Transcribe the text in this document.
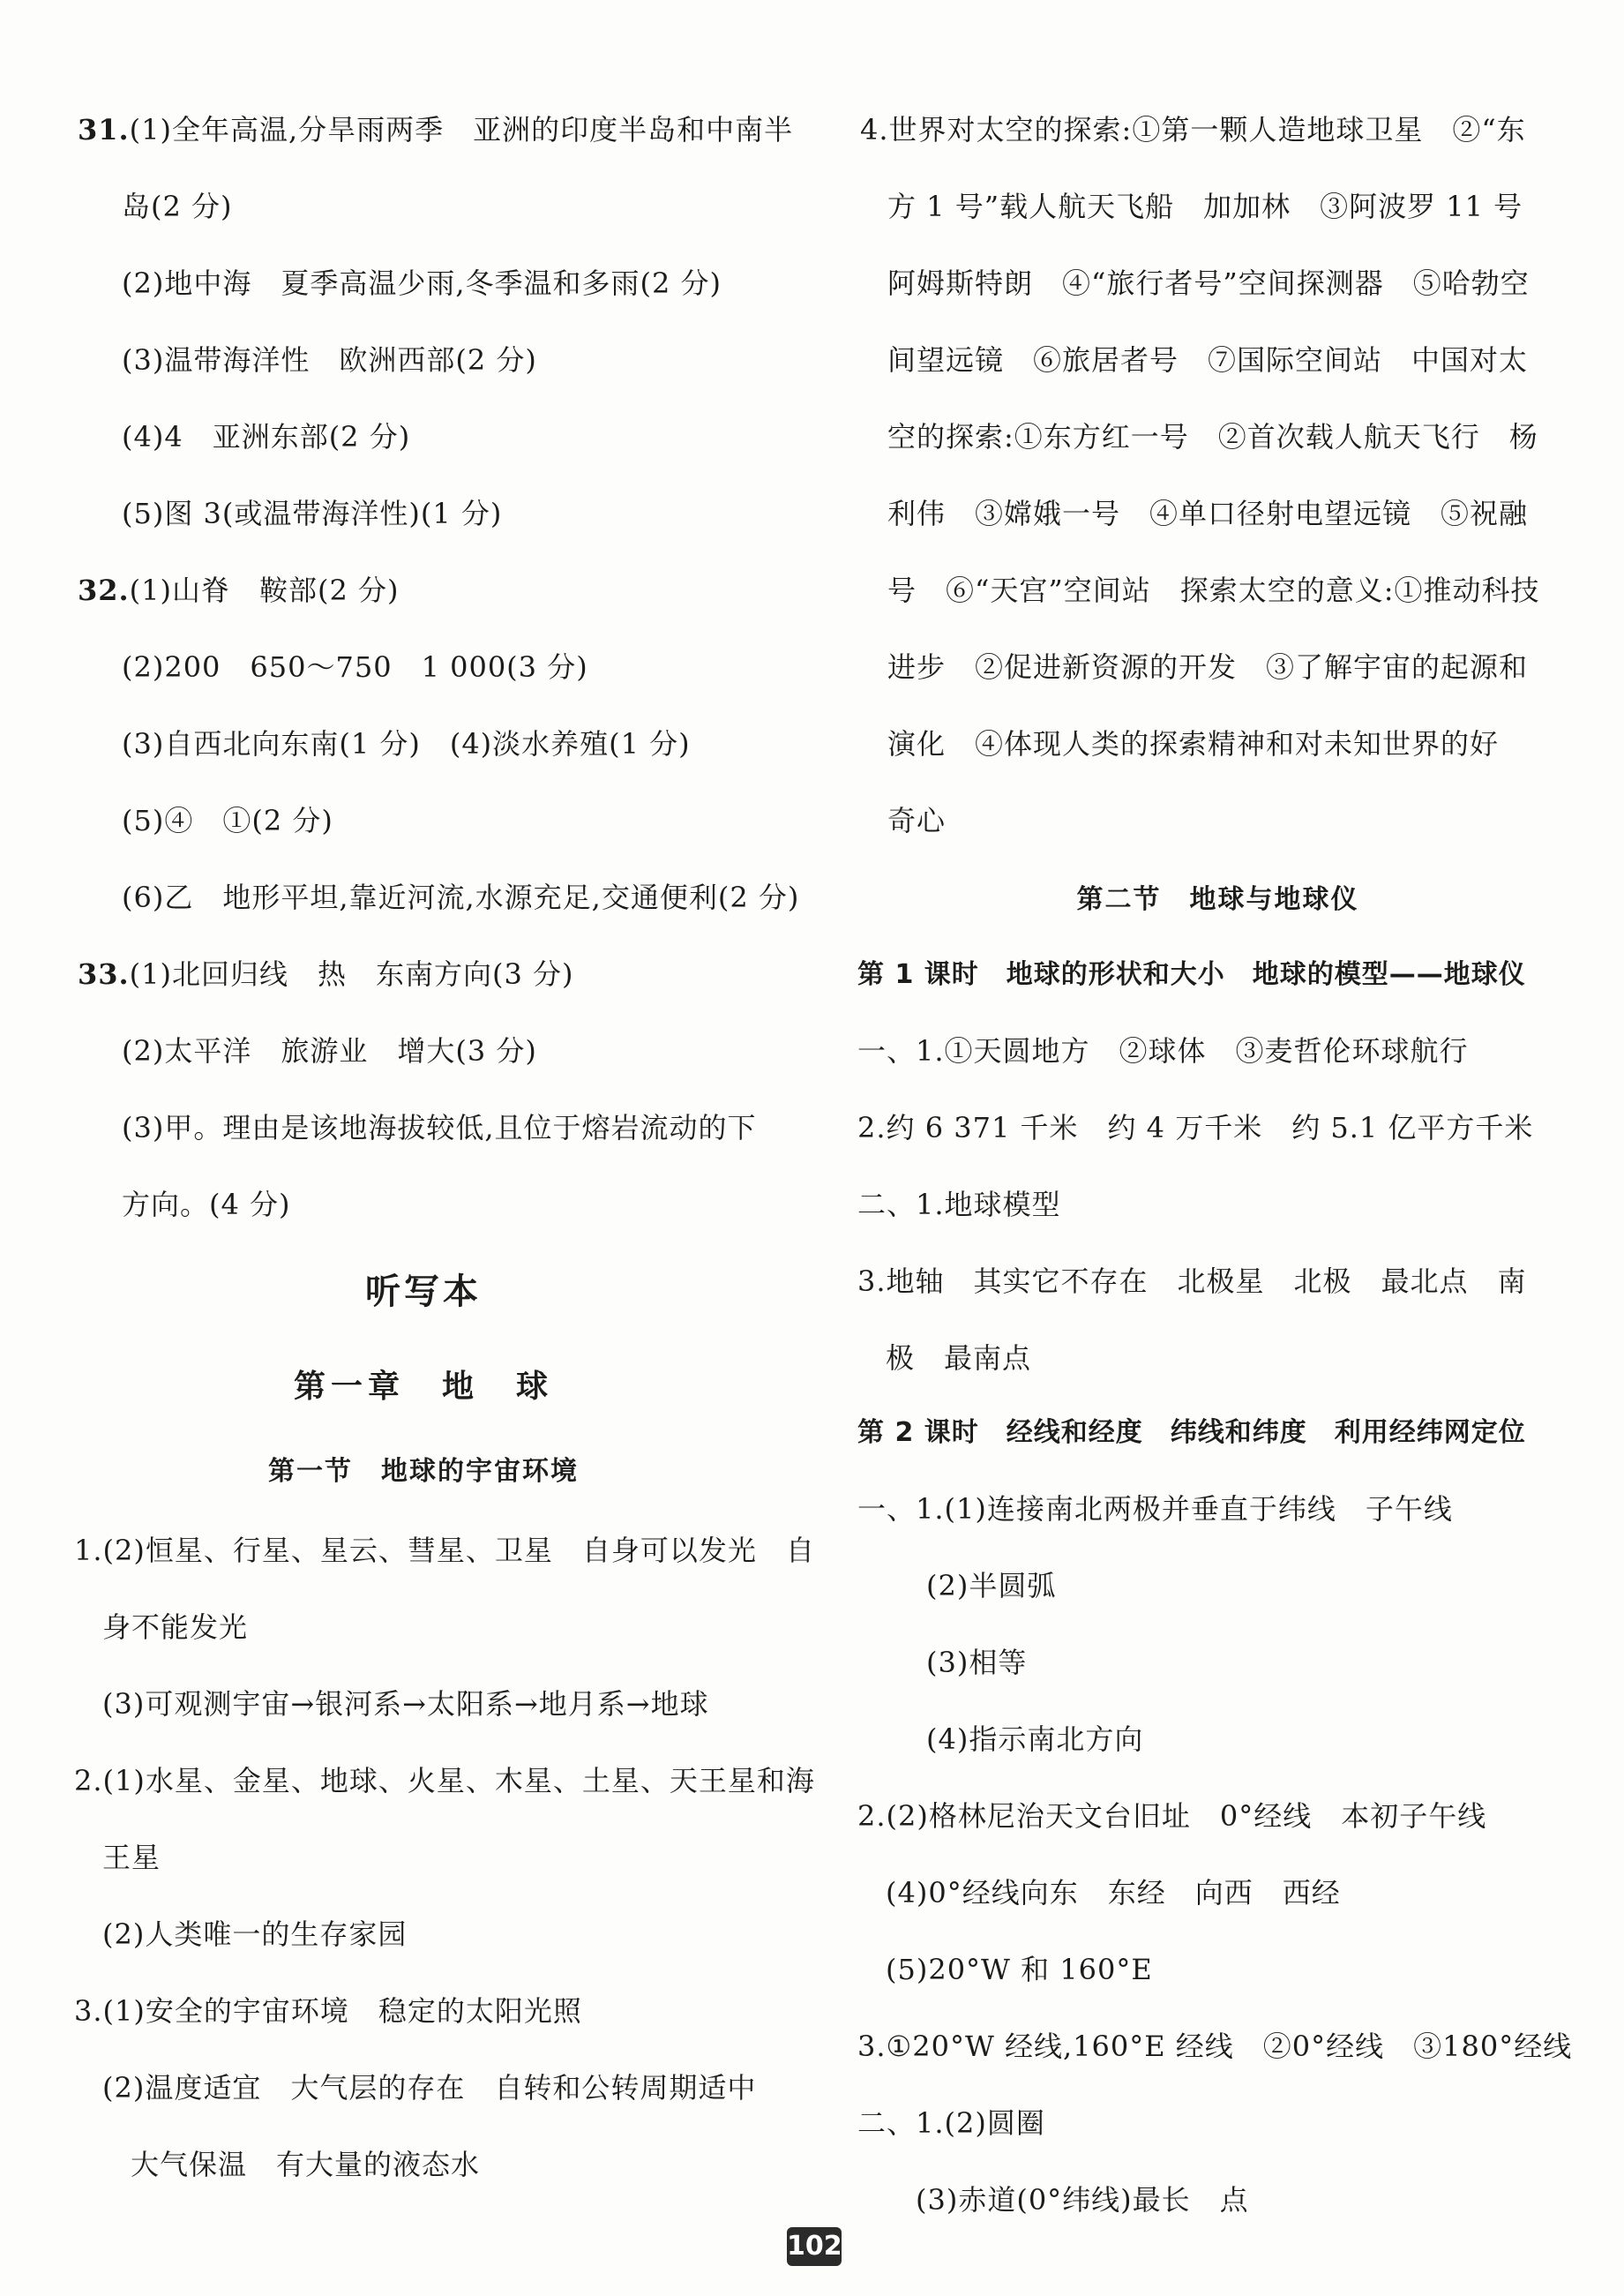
31.(1)全年高温,分旱雨两季　亚洲的印度半岛和中南半
岛(2 分)
(2)地中海　夏季高温少雨,冬季温和多雨(2 分)
(3)温带海洋性　欧洲西部(2 分)
(4)4　亚洲东部(2 分)
(5)图 3(或温带海洋性)(1 分)
32.(1)山脊　鞍部(2 分)
(2)200　650～750　1 000(3 分)
(3)自西北向东南(1 分)　(4)淡水养殖(1 分)
(5)④　①(2 分)
(6)乙　地形平坦,靠近河流,水源充足,交通便利(2 分)
33.(1)北回归线　热　东南方向(3 分)
(2)太平洋　旅游业　增大(3 分)
(3)甲。理由是该地海拔较低,且位于熔岩流动的下
方向。(4 分)
听写本
第一章　地　球
第一节　地球的宇宙环境
1.(2)恒星、行星、星云、彗星、卫星　自身可以发光　自
身不能发光
(3)可观测宇宙→银河系→太阳系→地月系→地球
2.(1)水星、金星、地球、火星、木星、土星、天王星和海
王星
(2)人类唯一的生存家园
3.(1)安全的宇宙环境　稳定的太阳光照
(2)温度适宜　大气层的存在　自转和公转周期适中
大气保温　有大量的液态水
4.世界对太空的探索:①第一颗人造地球卫星　②“东
方 1 号”载人航天飞船　加加林　③阿波罗 11 号
阿姆斯特朗　④“旅行者号”空间探测器　⑤哈勃空
间望远镜　⑥旅居者号　⑦国际空间站　中国对太
空的探索:①东方红一号　②首次载人航天飞行　杨
利伟　③嫦娥一号　④单口径射电望远镜　⑤祝融
号　⑥“天宫”空间站　探索太空的意义:①推动科技
进步　②促进新资源的开发　③了解宇宙的起源和
演化　④体现人类的探索精神和对未知世界的好
奇心
第二节　地球与地球仪
第 1 课时　地球的形状和大小　地球的模型——地球仪
一、1.①天圆地方　②球体　③麦哲伦环球航行
2.约 6 371 千米　约 4 万千米　约 5.1 亿平方千米
二、1.地球模型
3.地轴　其实它不存在　北极星　北极　最北点　南
极　最南点
第 2 课时　经线和经度　纬线和纬度　利用经纬网定位
一、1.(1)连接南北两极并垂直于纬线　子午线
(2)半圆弧
(3)相等
(4)指示南北方向
2.(2)格林尼治天文台旧址　0°经线　本初子午线
(4)0°经线向东　东经　向西　西经
(5)20°W 和 160°E
3.①20°W 经线,160°E 经线　②0°经线　③180°经线
二、1.(2)圆圈
(3)赤道(0°纬线)最长　点
102
